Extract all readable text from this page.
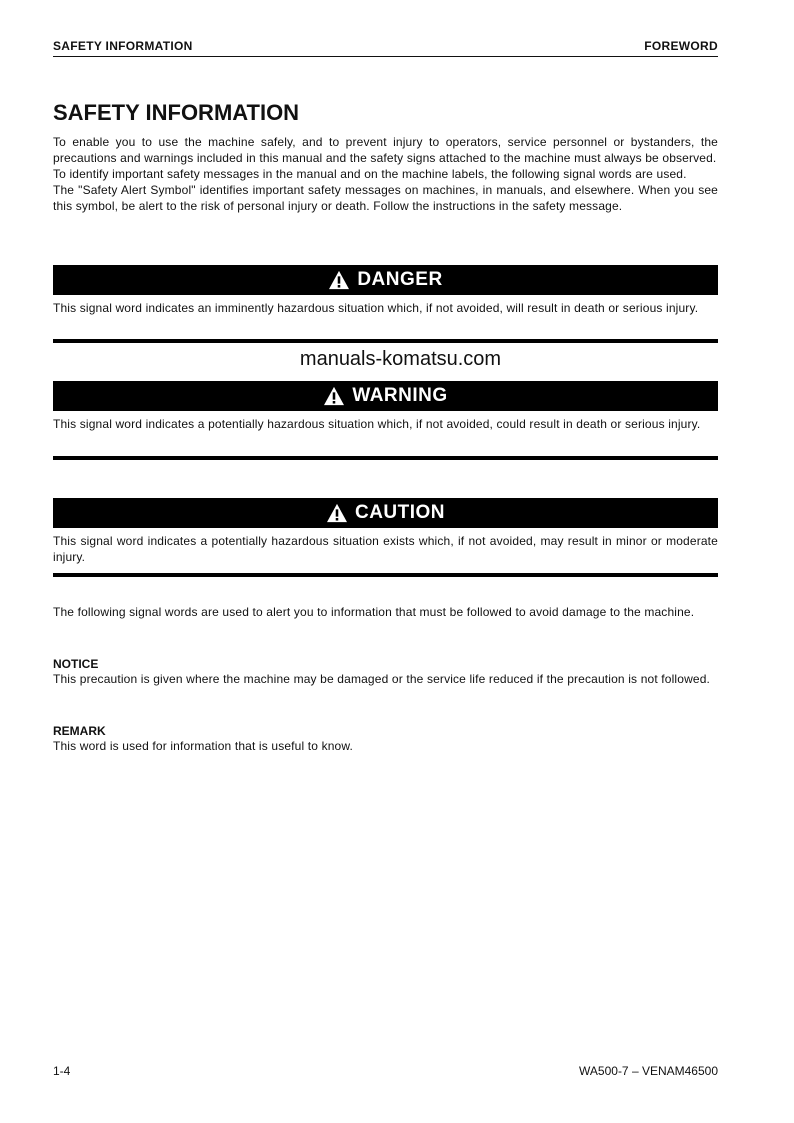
SAFETY INFORMATION	FOREWORD
SAFETY INFORMATION

To enable you to use the machine safely, and to prevent injury to operators, service personnel or bystanders, the precautions and warnings included in this manual and the safety signs attached to the machine must always be observed.

To identify important safety messages in the manual and on the machine labels, the following signal words are used.

The "Safety Alert Symbol" identifies important safety messages on machines, in manuals, and elsewhere. When you see this symbol, be alert to the risk of personal injury or death. Follow the instructions in the safety message.

DANGER

This signal word indicates an imminently hazardous situation which, if not avoided, will result in death or serious injury.

manuals-komatsu.com
WARNING

This signal word indicates a potentially hazardous situation which, if not avoided, could result in death or serious injury.

CAUTION

This signal word indicates a potentially hazardous situation exists which, if not avoided, may result in minor or moderate injury.

The following signal words are used to alert you to information that must be followed to avoid damage to the machine.

NOTICE

This precaution is given where the machine may be damaged or the service life reduced if the precaution is not followed.

REMARK

This word is used for information that is useful to know.

1-4	WA500-7 – VENAM46500
